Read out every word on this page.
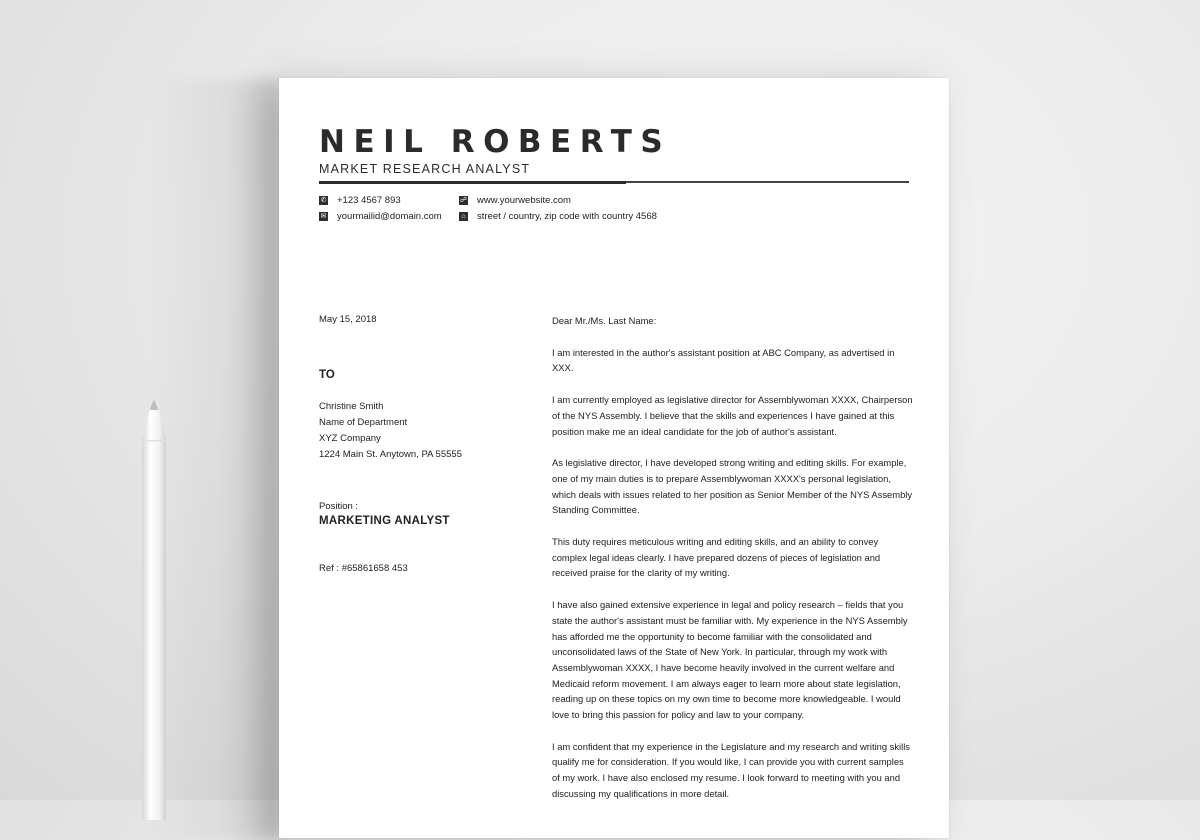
NEIL ROBERTS
MARKET RESEARCH ANALYST
✆ +123 4567 893
✉ yourmailid@domain.com
☍ www.yourwebsite.com
⌂ street / country, zip code with country 4568
May 15, 2018
TO
Christine Smith
Name of Department
XYZ Company
1224 Main St. Anytown, PA 55555
Position :
MARKETING ANALYST
Ref : #65861658 453

Dear Mr./Ms. Last Name:

I am interested in the author's assistant position at ABC Company, as advertised in XXX.

I am currently employed as legislative director for Assemblywoman XXXX, Chairperson of the NYS Assembly. I believe that the skills and experiences I have gained at this position make me an ideal candidate for the job of author's assistant.

As legislative director, I have developed strong writing and editing skills. For example, one of my main duties is to prepare Assemblywoman XXXX's personal legislation, which deals with issues related to her position as Senior Member of the NYS Assembly Standing Committee.

This duty requires meticulous writing and editing skills, and an ability to convey complex legal ideas clearly. I have prepared dozens of pieces of legislation and received praise for the clarity of my writing.

I have also gained extensive experience in legal and policy research – fields that you state the author's assistant must be familiar with. My experience in the NYS Assembly has afforded me the opportunity to become familiar with the consolidated and unconsolidated laws of the State of New York. In particular, through my work with Assemblywoman XXXX, I have become heavily involved in the current welfare and Medicaid reform movement. I am always eager to learn more about state legislation, reading up on these topics on my own time to become more knowledgeable. I would love to bring this passion for policy and law to your company.

I am confident that my experience in the Legislature and my research and writing skills qualify me for consideration. If you would like, I can provide you with current samples of my work. I have also enclosed my resume. I look forward to meeting with you and discussing my qualifications in more detail.
